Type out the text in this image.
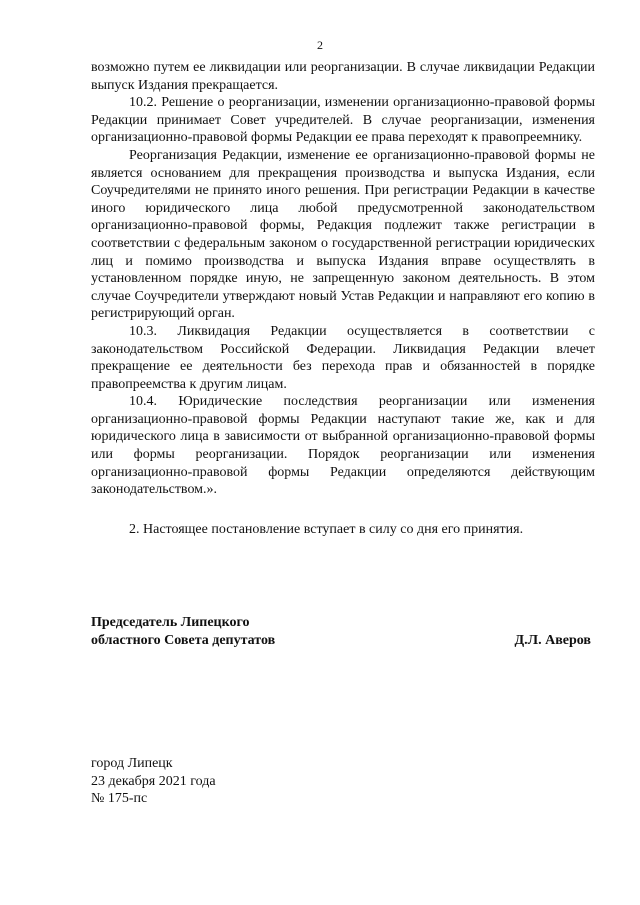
2

возможно путем ее ликвидации или реорганизации. В случае ликвидации Редакции выпуск Издания прекращается.

10.2. Решение о реорганизации, изменении организационно-правовой формы Редакции принимает Совет учредителей. В случае реорганизации, изменения организационно-правовой формы Редакции ее права переходят к правопреемнику.

Реорганизация Редакции, изменение ее организационно-правовой формы не является основанием для прекращения производства и выпуска Издания, если Соучредителями не принято иного решения. При регистрации Редакции в качестве иного юридического лица любой предусмотренной законодательством организационно-правовой формы, Редакция подлежит также регистрации в соответствии с федеральным законом о государственной регистрации юридических лиц и помимо производства и выпуска Издания вправе осуществлять в установленном порядке иную, не запрещенную законом деятельность. В этом случае Соучредители утверждают новый Устав Редакции и направляют его копию в регистрирующий орган.

10.3. Ликвидация Редакции осуществляется в соответствии с законодательством Российской Федерации. Ликвидация Редакции влечет прекращение ее деятельности без перехода прав и обязанностей в порядке правопреемства к другим лицам.

10.4. Юридические последствия реорганизации или изменения организационно-правовой формы Редакции наступают такие же, как и для юридического лица в зависимости от выбранной организационно-правовой формы или формы реорганизации. Порядок реорганизации или изменения организационно-правовой формы Редакции определяются действующим законодательством.».

2. Настоящее постановление вступает в силу со дня его принятия.

Председатель Липецкого
областного Совета депутатов	Д.Л. Аверов
город Липецк
23 декабря 2021 года
№ 175-пс
